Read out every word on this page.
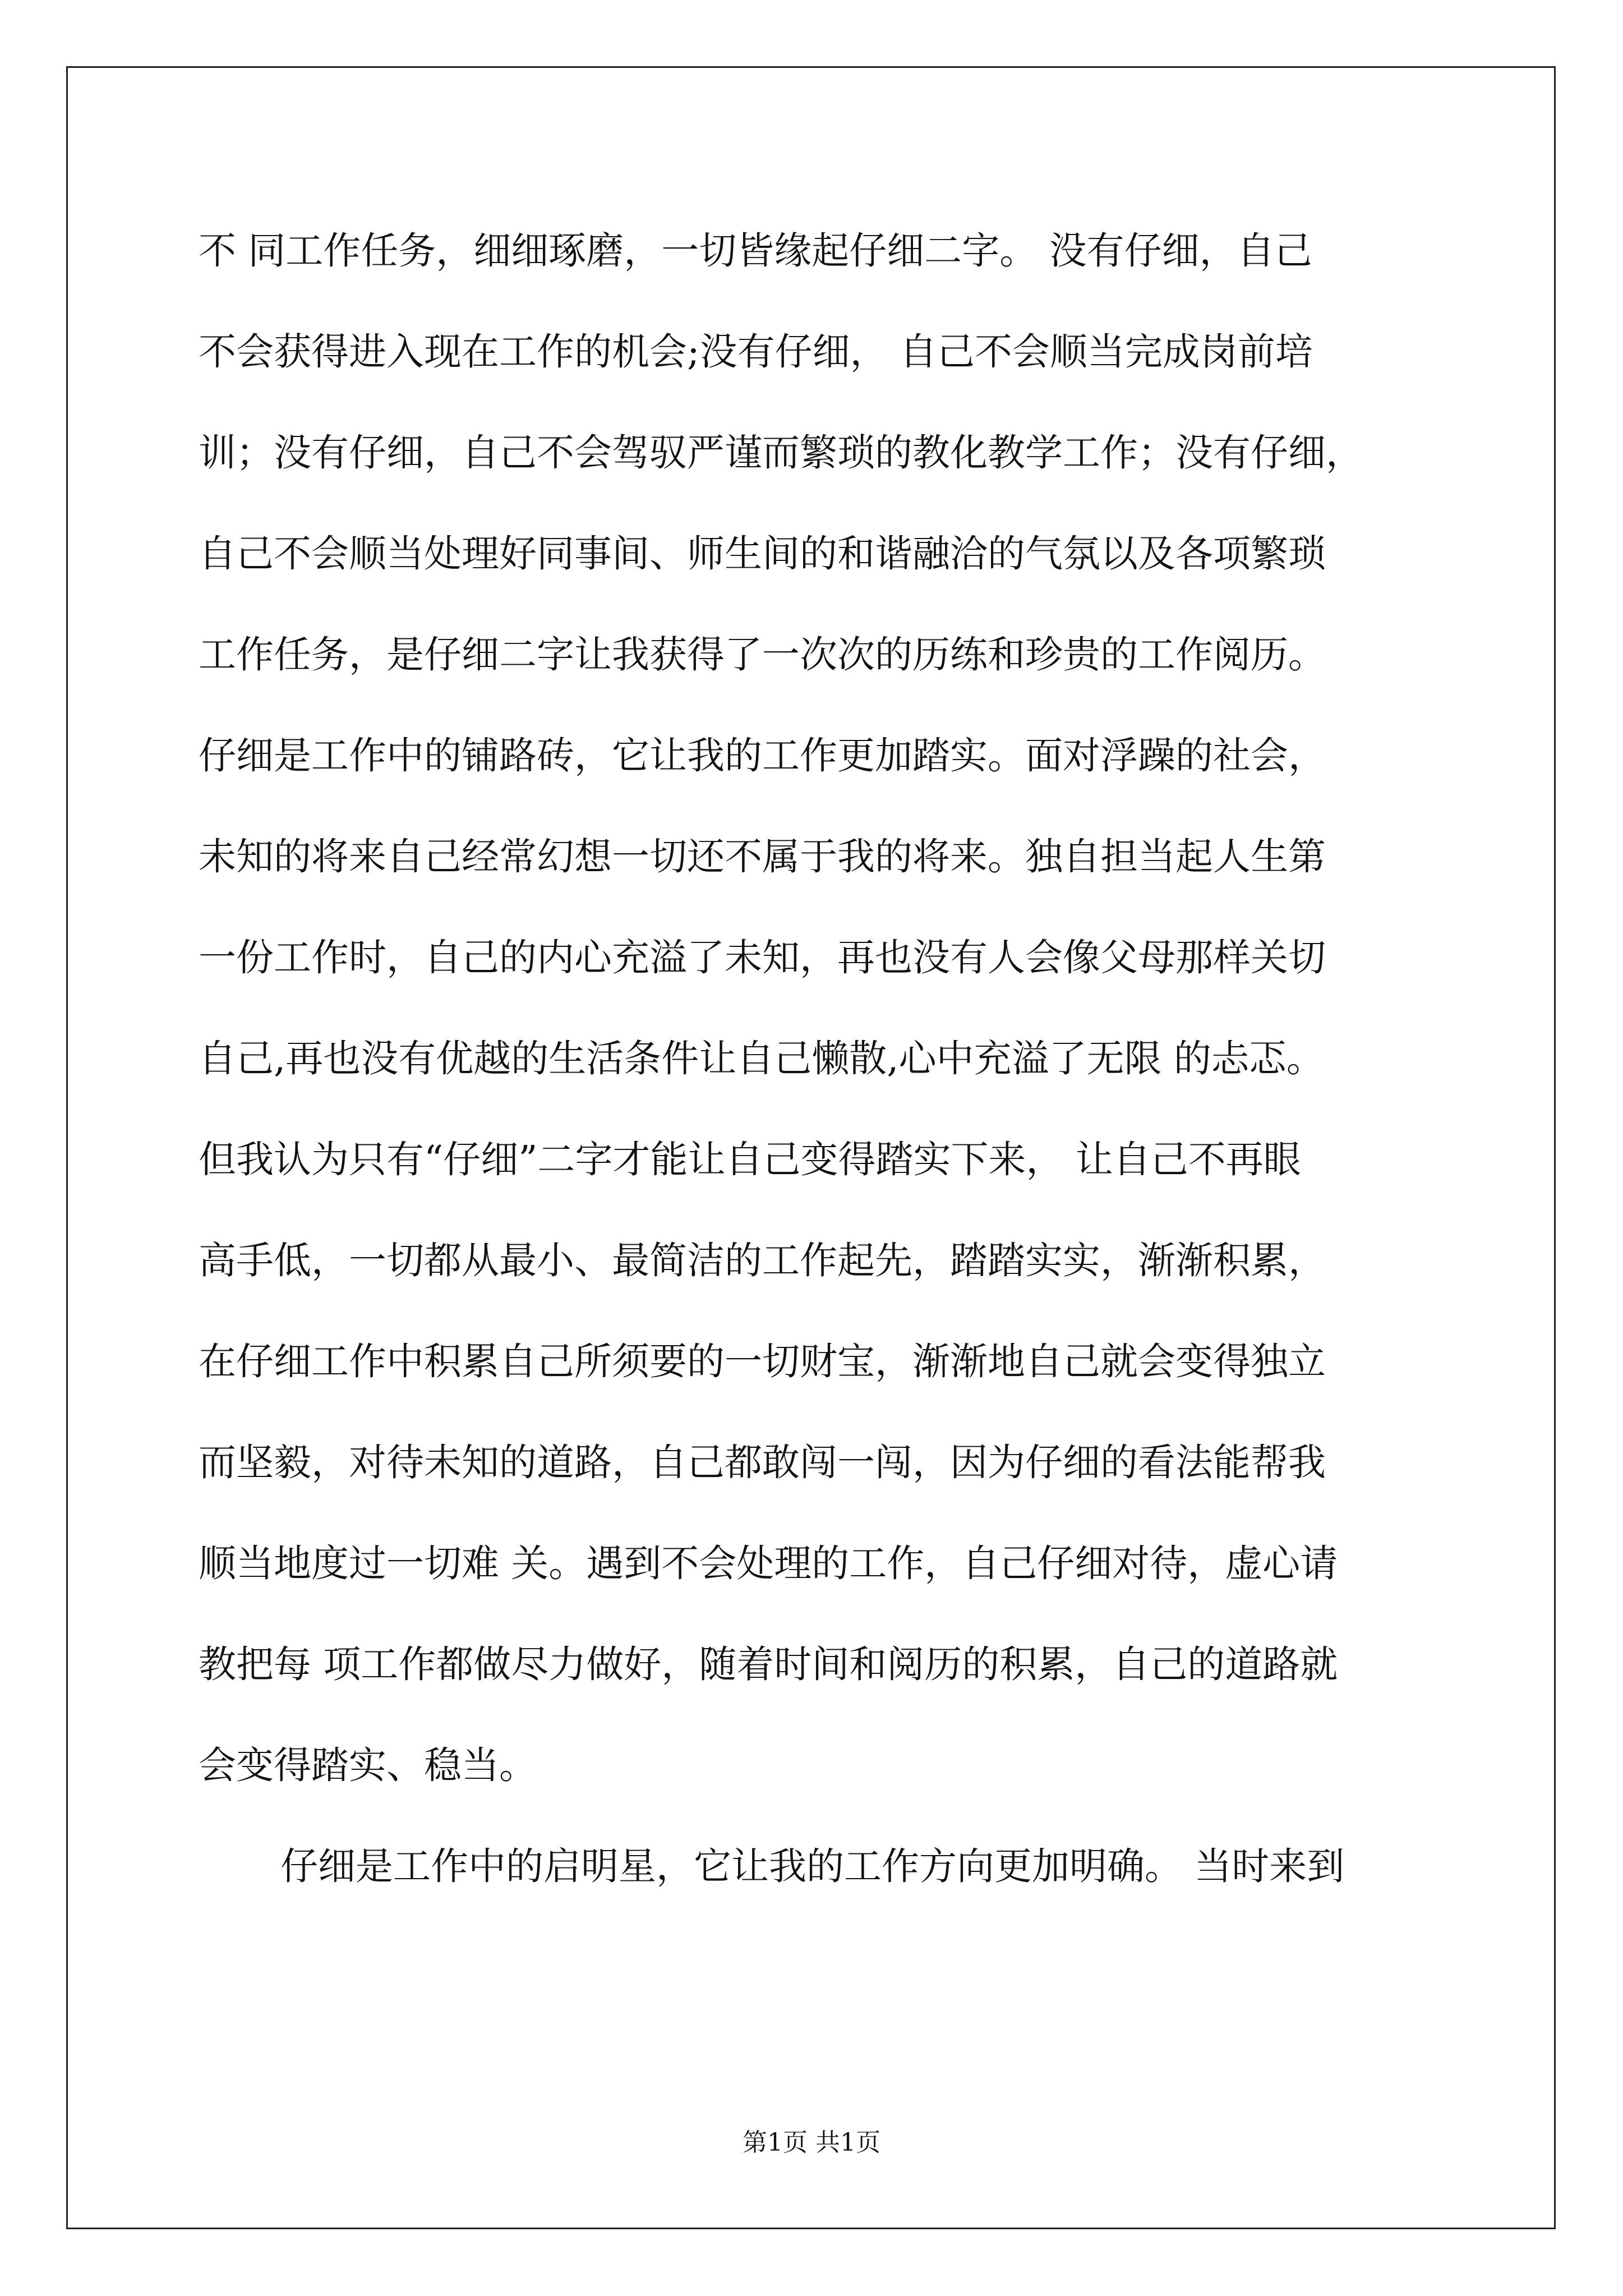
不 同工作任务，细细琢磨，一切皆缘起仔细二字。 没有仔细，自己
不会获得进入现在工作的机会;没有仔细， 自己不会顺当完成岗前培
训；没有仔细，自己不会驾驭严谨而繁琐的教化教学工作；没有仔细，
自己不会顺当处理好同事间、师生间的和谐融洽的气氛以及各项繁琐
工作任务，是仔细二字让我获得了一次次的历练和珍贵的工作阅历。
仔细是工作中的铺路砖，它让我的工作更加踏实。面对浮躁的社会，
未知的将来自己经常幻想一切还不属于我的将来。独自担当起人生第
一份工作时，自己的内心充溢了未知，再也没有人会像父母那样关切
自己,再也没有优越的生活条件让自己懒散,心中充溢了无限 的忐忑。
但我认为只有“仔细”二字才能让自己变得踏实下来， 让自己不再眼
高手低，一切都从最小、最简洁的工作起先，踏踏实实，渐渐积累，
在仔细工作中积累自己所须要的一切财宝，渐渐地自己就会变得独立
而坚毅，对待未知的道路，自己都敢闯一闯，因为仔细的看法能帮我
顺当地度过一切难 关。遇到不会处理的工作，自己仔细对待，虚心请
教把每 项工作都做尽力做好，随着时间和阅历的积累，自己的道路就
会变得踏实、稳当。
仔细是工作中的启明星，它让我的工作方向更加明确。 当时来到
第1页 共1页
